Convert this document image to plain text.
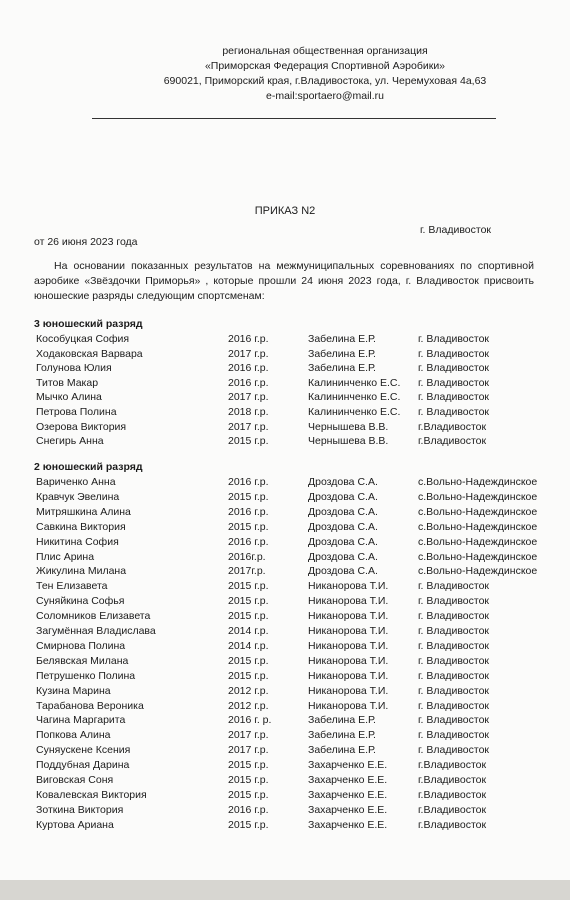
региональная общественная организация
«Приморская Федерация Спортивной Аэробики»
690021, Приморский края, г.Владивостока, ул. Черемуховая 4а,63
e-mail:sportaero@mail.ru
ПРИКАЗ N2
г. Владивосток
от 26 июня 2023 года

На основании показанных результатов на межмуниципальных соревнованиях по спортивной аэробике «Звёздочки Приморья» , которые прошли 24 июня 2023 года, г. Владивосток присвоить юношеские разряды следующим спортсменам:

3 юношеский разряд
Кособуцкая София	2016 г.р.	Забелина Е.Р.	г. Владивосток
Ходаковская Варвара	2017 г.р.	Забелина Е.Р.	г. Владивосток
Голунова Юлия	2016 г.р.	Забелина Е.Р.	г. Владивосток
Титов Макар	2016 г.р.	Калининченко Е.С. г. Владивосток
Мычко Алина	2017 г.р.	Калининченко Е.С. г. Владивосток
Петрова Полина	2018 г.р.	Калининченко Е.С. г. Владивосток
Озерова Виктория	2017 г.р.	Чернышева В.В.	г.Владивосток
Снегирь Анна	2015 г.р.	Чернышева В.В.	г.Владивосток
2 юношеский разряд
Вариченко Анна	2016 г.р.	Дроздова С.А.	с.Вольно-Надеждинское
Кравчук Эвелина	2015 г.р.	Дроздова С.А.	с.Вольно-Надеждинское
Митряшкина Алина	2016 г.р.	Дроздова С.А.	с.Вольно-Надеждинское
Савкина Виктория	2015 г.р.	Дроздова С.А.	с.Вольно-Надеждинское
Никитина София	2016 г.р.	Дроздова С.А.	с.Вольно-Надеждинское
Плис Арина	2016г.р.	Дроздова С.А.	с.Вольно-Надеждинское
Жикулина Милана	2017г.р.	Дроздова С.А.	с.Вольно-Надеждинское
Тен Елизавета	2015 г.р.	Никанорова Т.И.	г. Владивосток
Суняйкина Софья	2015 г.р.	Никанорова Т.И.	г. Владивосток
Соломников Елизавета	2015 г.р.	Никанорова Т.И.	г. Владивосток
Загумённая Владислава	2014 г.р.	Никанорова Т.И.	г. Владивосток
Смирнова Полина	2014 г.р.	Никанорова Т.И.	г. Владивосток
Белявская Милана	2015 г.р.	Никанорова Т.И.	г. Владивосток
Петрушенко Полина	2015 г.р.	Никанорова Т.И.	г. Владивосток
Кузина Марина	2012 г.р.	Никанорова Т.И.	г. Владивосток
Тарабанова Вероника	2012 г.р.	Никанорова Т.И.	г. Владивосток
Чагина Маргарита	2016 г. р.	Забелина Е.Р.	г. Владивосток
Попкова Алина	2017 г.р.	Забелина Е.Р.	г. Владивосток
Суняускене Ксения	2017 г.р.	Забелина Е.Р.	г. Владивосток
Поддубная Дарина	2015 г.р.	Захарченко Е.Е.	г.Владивосток
Виговская Соня	2015 г.р.	Захарченко Е.Е.	г.Владивосток
Ковалевская Виктория	2015 г.р.	Захарченко Е.Е.	г.Владивосток
Зоткина Виктория	2016 г.р.	Захарченко Е.Е.	г.Владивосток
Куртова Ариана	2015 г.р.	Захарченко Е.Е.	г.Владивосток
